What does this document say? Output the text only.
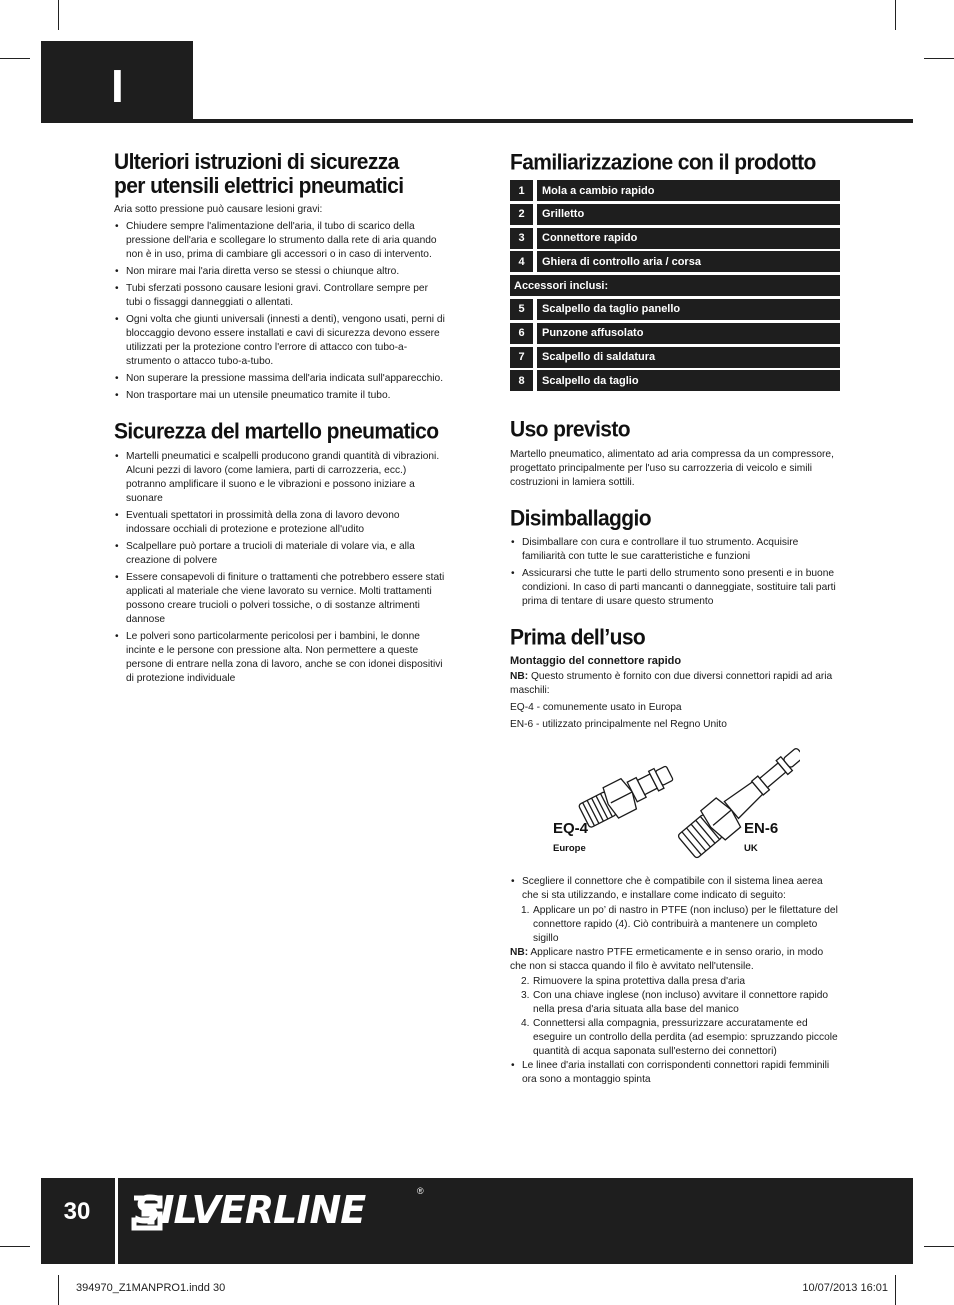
I
Ulteriori istruzioni di sicurezza
per utensili elettrici pneumatici
Aria sotto pressione può causare lesioni gravi:
• Chiudere sempre l'alimentazione dell'aria, il tubo di scarico della pressione dell'aria e scollegare lo strumento dalla rete di aria quando non è in uso, prima di cambiare gli accessori o in caso di intervento.
• Non mirare mai l'aria diretta verso se stessi o chiunque altro.
• Tubi sferzati possono causare lesioni gravi. Controllare sempre per tubi o fissaggi danneggiati o allentati.
• Ogni volta che giunti universali (innesti a denti), vengono usati, perni di bloccaggio devono essere installati e cavi di sicurezza devono essere utilizzati per la protezione contro l'errore di attacco con tubo-a-strumento o attacco tubo-a-tubo.
• Non superare la pressione massima dell'aria indicata sull'apparecchio.
• Non trasportare mai un utensile pneumatico tramite il tubo.
Sicurezza del martello pneumatico
• Martelli pneumatici e scalpelli producono grandi quantità di vibrazioni. Alcuni pezzi di lavoro (come lamiera, parti di carrozzeria, ecc.) potranno amplificare il suono e le vibrazioni e possono iniziare a suonare
• Eventuali spettatori in prossimità della zona di lavoro devono indossare occhiali di protezione e protezione all'udito
• Scalpellare può portare a trucioli di materiale di volare via, e alla creazione di polvere
• Essere consapevoli di finiture o trattamenti che potrebbero essere stati applicati al materiale che viene lavorato su vernice. Molti trattamenti possono creare trucioli o polveri tossiche, o di sostanze altrimenti dannose
• Le polveri sono particolarmente pericolosi per i bambini, le donne incinte e le persone con pressione alta. Non permettere a queste persone di entrare nella zona di lavoro, anche se con idonei dispositivi di protezione individuale
Familiarizzazione con il prodotto
1	Mola a cambio rapido
2	Grilletto
3	Connettore rapido
4	Ghiera di controllo aria / corsa
Accessori inclusi:
5	Scalpello da taglio panello
6	Punzone affusolato
7	Scalpello di saldatura
8	Scalpello da taglio
Uso previsto
Martello pneumatico, alimentato ad aria compressa da un compressore, progettato principalmente per l'uso su carrozzeria di veicolo e simili costruzioni in lamiera sottili.
Disimballaggio
• Disimballare con cura e controllare il tuo strumento. Acquisire familiarità con tutte le sue caratteristiche e funzioni
• Assicurarsi che tutte le parti dello strumento sono presenti e in buone condizioni. In caso di parti mancanti o danneggiate, sostituire tali parti prima di tentare di usare questo strumento
Prima dell’uso
Montaggio del connettore rapido
NB: Questo strumento è fornito con due diversi connettori rapidi ad aria maschili:
EQ-4 - comunemente usato in Europa
EN-6 - utilizzato principalmente nel Regno Unito
EQ-4
Europe
EN-6
UK
• Scegliere il connettore che è compatibile con il sistema linea aerea che si sta utilizzando, e installare come indicato di seguito:
1. Applicare un po’ di nastro in PTFE (non incluso) per le filettature del connettore rapido (4). Ciò contribuirà a mantenere un completo sigillo
NB: Applicare nastro PTFE ermeticamente e in senso orario, in modo che non si stacca quando il filo è avvitato nell'utensile.
2. Rimuovere la spina protettiva dalla presa d'aria
3. Con una chiave inglese (non incluso) avvitare il connettore rapido nella presa d'aria situata alla base del manico
4. Connettersi alla compagnia, pressurizzare accuratamente ed eseguire un controllo della perdita (ad esempio: spruzzando piccole quantità di acqua saponata sull'esterno dei connettori)
• Le linee d'aria installati con corrispondenti connettori rapidi femminili ora sono a montaggio spinta
30	SILVERLINE	®
394970_Z1MANPRO1.indd 30	10/07/2013 16:01
